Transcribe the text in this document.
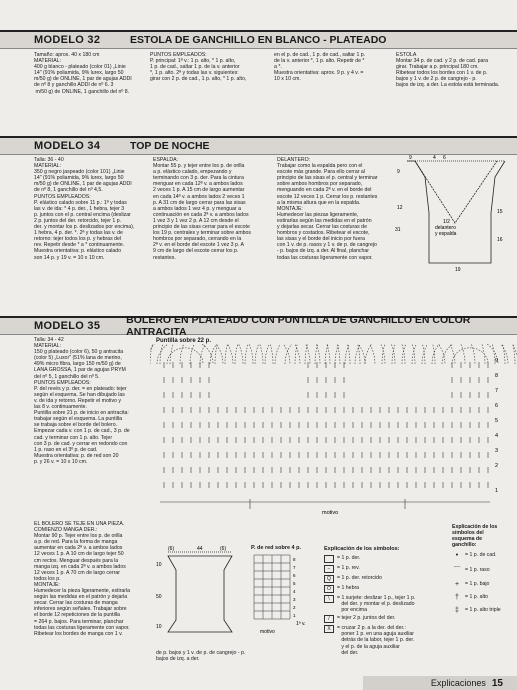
MODELO 32	ESTOLA DE GANCHILLO EN BLANCO - PLATEADO
Tamaño: aprox. 40 x 180 cm
MATERIAL:
400 g blanco - plateado (color 01) „Linie
14" (91% poliamida, 9% lurex, largo 50
m/50 g) de ONLINE, 1 par de agujas ADDI
de nº 8 y ganchillo ADDI de nº 6. 3
m/50 g) de ONLINE, 1 ganchillo del nº 8.
PUNTOS EMPLEADOS:
P. principal: 1ª v.: 1 p. alto, * 1 p. alto,
1 p. de cad., saltar 1 p. de la v. anterior
*, 1 p. alto. 2ª y todas las v. siguientes:
girar con 2 p. de cad., 1 p. alto, * 1 p. alto,
en el p. de cad., 1 p. de cad., saltar 1 p.
de la v. anterior *, 1 p. alto. Repetir de *
a *.
Muestra orientativa: aprox. 9 p. y 4 v. =
10 x 10 cm.
ESTOLA
Montar 34 p. de cad. y 2 p. de cad. para
girar. Trabajar a p. principal 180 cm.
Ribetear todos los bordes con 1 v. de p.
bajos y 1 v. de 2 p. de cangrejo - p.
bajos de izq. a der. La estola está terminada.
MODELO 34	TOP DE NOCHE
Talla: 36 - 40
MATERIAL:
350 g negro jaspeado (color 101) „Linie
14" (91% poliamida, 9% lurex, largo 50
m/50 g) de ONLINE, 1 par de agujas ADDI
de nº 8, 1 ganchillo del nº 4,5.
PUNTOS EMPLEADOS:
P. elástico calado sobre 11 p.: 1ª y todas
las v. de ida: * 4 p. der., 1 hebra, tejer 3
p. juntos con el p. central encima (deslizar
2 p. juntos del der. retorcido, tejer 1 p.
der. y montar los p. deslizados por encima),
1 hebra, 4 p. der. *. 2ª y todas las v. de
retorno: tejer todos los p. y hebras del
rev. Repetir desde * a * continuamente.
Muestra orientativa: p. elástico calado
son 14 p. y 19 v. = 10 x 10 cm.
ESPALDA:
Montar 55 p. y tejer entre los p. de orilla
a p. elástico calado, empezando y
terminando con 3 p. der. Para la cintura
menguar en cada 12ª v. a ambos lados
2 veces 1 p. A 15 cm de largo aumentar
en cada 14ª v. a ambos lados 2 veces 1
p. A 31 cm de largo cerrar para las sisas
a ambos lados 1 vez 4 p. y menguar a
continuación en cada 2ª v. a ambos lados
1 vez 3 y 1 vez 2 p. A 12 cm desde el
principio de las sisas cerrar para el escote
los 19 p. centrales y terminar sobre ambos
hombros por separado, cerrando en la
2ª v. en el borde del escote 1 vez 3 p. A
9 cm de largo del escote cerrar los p.
restantes.
DELANTERO:
Trabajar como la espalda pero con el
escote más grande. Para ello cerrar al
principio de las sisas el p. central y terminar
sobre ambos hombros por separado,
menguando en cada 2ª v. en el borde del
escote 12 veces 1 p. Cerrar los p. restantes
a la misma altura que en la espalda.
MONTAJE:
Humedecer las piezas ligeramente,
estirarlas según las medidas en el patrón
y dejarlas secar. Cerrar las costuras de
hombros y costados. Ribetear el escote,
las sisas y el borde del inicio por fuera
con 1 v. de p. rasos y 1 v. de p. de cangrejo
- p. bajos de izq. a der. Al final, planchar
todas las costuras ligeramente con vapor.
9	4 6
9
12
31
1/2 delantero y espalda
15
16
19
MODELO 35	BOLERO EN PLATEADO CON PUNTILLA DE GANCHILLO EN COLOR ANTRACITA
Talla: 34 - 42
MATERIAL:
150 g plateado (color 6), 50 g antracita
(color 5) „Luxor" (51% lana de merino,
49% micro fibra, largo 150 m/50 g) de
LANA GROSSA, 1 par de agujas PRYM
del nº 5, 1 ganchillo del nº 5.
PUNTOS EMPLEADOS:
P. del revés y p. der. = en plateado: tejer
según el esquema. Se han dibujado las
v. de ida y retorno. Repetir el motivo y
las 8 v. continuamente.
Puntilla sobre 21 p. de inicio en antracita:
trabajar según el esquema. La puntilla
se trabaja sobre el borde del bolero.
Empezar cada v. con 1 p. de cad., 3 p. de
cad. y terminar con 1 p. alto. Tejer
con 3 p. de cad. y cerrar en redondo con
1 p. raso en el 3º p. de cad.
Muestra orientativa: p. de red son 20
p. y 26 v. = 10 x 10 cm.
EL BOLERO SE TEJE EN UNA PIEZA.
COMIENZO MANGA DER.:
Montar 90 p. Tejer entre los p. de orilla
a p. de red. Para la forma de manga
aumentar en cada 2ª v. a ambos lados
12 veces 1 p. A 10 cm de largo tejer 50
cm rectos. Menguar después para la
manga izq. en cada 2ª v. a ambos lados
12 veces 1 p. A 70 cm de largo cerrar
todos los p.
MONTAJE:
Humedecer la pieza ligeramente, estirarla
según las medidas en el patrón y dejarla
secar. Cerrar las costuras de manga
inferiores según señales. Trabajar sobre
el borde 12 repeticiones de la puntilla
= 264 p. bajos. Para terminar, planchar
todas las costuras ligeramente con vapor.
Ribetear los bordes de manga con 1 v.
Puntilla sobre 22 p.
motivo
9
8
7
6
5
4
3
2
1
(6)	44	(6)
10
50
10
P. de red sobre 4 p.
8
7
6
5
4
3
2
1
motivo
1ª v.
de p. bajos y 1 v. de p. de cangrejo - p.
bajos de izq. a der.
Explicación de los símbolos:
= 1 p. der.
−	= 1 p. rev.
Q	= 1 p. der. retorcido
O	= 1 hebra
\	= 1 surjete: deslizar 1 p., tejer 1 p.
del der. y montar el p. deslizado
por encima
/	= tejer 2 p. juntos del der.
X	= cruzar 2 p. a la der. del der.:
poner 1 p. en una aguja auxiliar
detrás de la labor, tejer 1 p. der.
y el p. de la aguja auxiliar
del der.
Explicación de los
símbolos del
esquema de
ganchillo:
•	= 1 p. de cad.
⌒ = 1 p. raso
+	= 1 p. bajo
†	= 1 p. alto
‡	= 1 p. alto triple
Explicaciones 15
